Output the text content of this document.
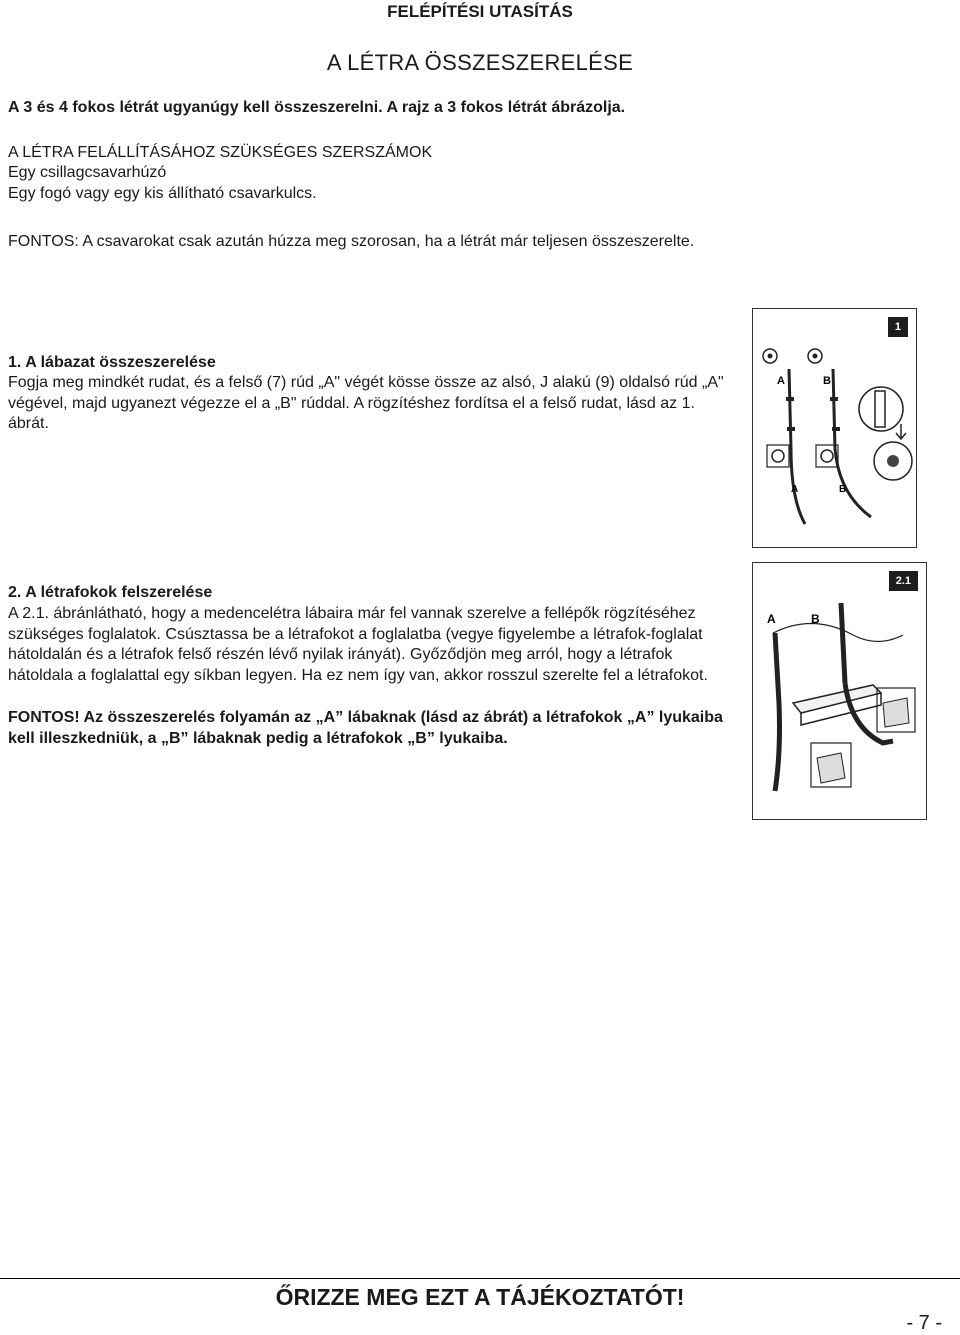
FELÉPÍTÉSI UTASÍTÁS
A LÉTRA ÖSSZESZERELÉSE
A 3 és 4 fokos létrát ugyanúgy kell összeszerelni. A rajz a 3 fokos létrát ábrázolja.
A LÉTRA FELÁLLÍTÁSÁHOZ SZÜKSÉGES SZERSZÁMOK
Egy csillagcsavarhúzó
Egy fogó vagy egy kis állítható csavarkulcs.
FONTOS: A csavarokat csak azután húzza meg szorosan, ha a létrát már teljesen összeszerelte.
1. A lábazat összeszerelése
Fogja meg mindkét rudat, és a felső (7) rúd „A" végét kösse össze az alsó, J alakú (9) oldalsó rúd „A" végével, majd ugyanezt végezze el a „B" rúddal. A rögzítéshez fordítsa el a felső rudat, lásd az 1. ábrát.
1
A	B
A	B
2. A létrafokok felszerelése
A 2.1. ábránlátható, hogy a medencelétra lábaira már fel vannak szerelve a fellépők rögzítéséhez szükséges foglalatok. Csúsztassa be a létrafokot a foglalatba (vegye figyelembe a létrafok-foglalat hátoldalán és a létrafok felső részén lévő nyilak irányát). Győződjön meg arról, hogy a létrafok hátoldala a foglalattal egy síkban legyen. Ha ez nem így van, akkor rosszul szerelte fel a létrafokot.
FONTOS! Az összeszerelés folyamán az „A” lábaknak (lásd az ábrát) a létrafokok „A” lyukaiba kell illeszkedniük, a „B” lábaknak pedig a létrafokok „B” lyukaiba.
2.1
A	B
ŐRIZZE MEG EZT A TÁJÉKOZTATÓT!
- 7 -
